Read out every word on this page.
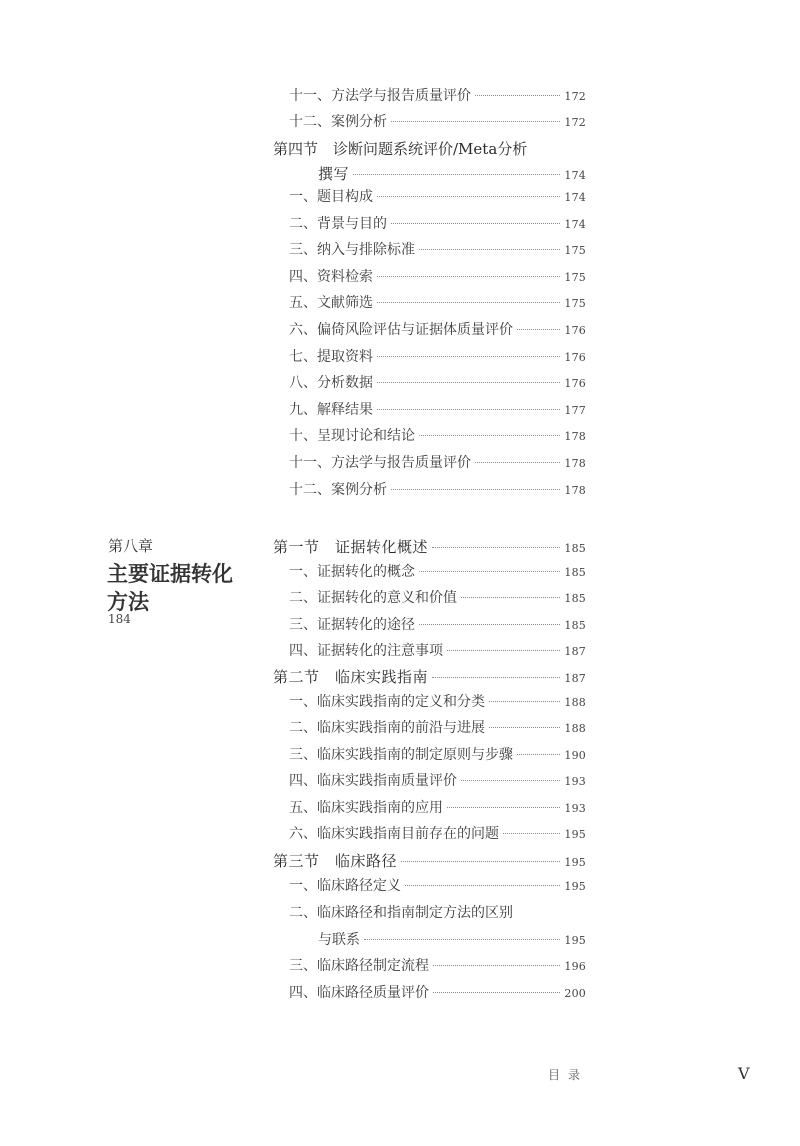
十一、方法学与报告质量评价	172
十二、案例分析	172
第四节　诊断问题系统评价/Meta分析
撰写	174
一、题目构成	174
二、背景与目的	174
三、纳入与排除标准	175
四、资料检索	175
五、文献筛选	175
六、偏倚风险评估与证据体质量评价	176
七、提取资料	176
八、分析数据	176
九、解释结果	177
十、呈现讨论和结论	178
十一、方法学与报告质量评价	178
十二、案例分析	178
第八章
主要证据转化方法
184
第一节　证据转化概述	185
一、证据转化的概念	185
二、证据转化的意义和价值	185
三、证据转化的途径	185
四、证据转化的注意事项	187
第二节　临床实践指南	187
一、临床实践指南的定义和分类	188
二、临床实践指南的前沿与进展	188
三、临床实践指南的制定原则与步骤	190
四、临床实践指南质量评价	193
五、临床实践指南的应用	193
六、临床实践指南目前存在的问题	195
第三节　临床路径	195
一、临床路径定义	195
二、临床路径和指南制定方法的区别
与联系	195
三、临床路径制定流程	196
四、临床路径质量评价	200
目录	V
